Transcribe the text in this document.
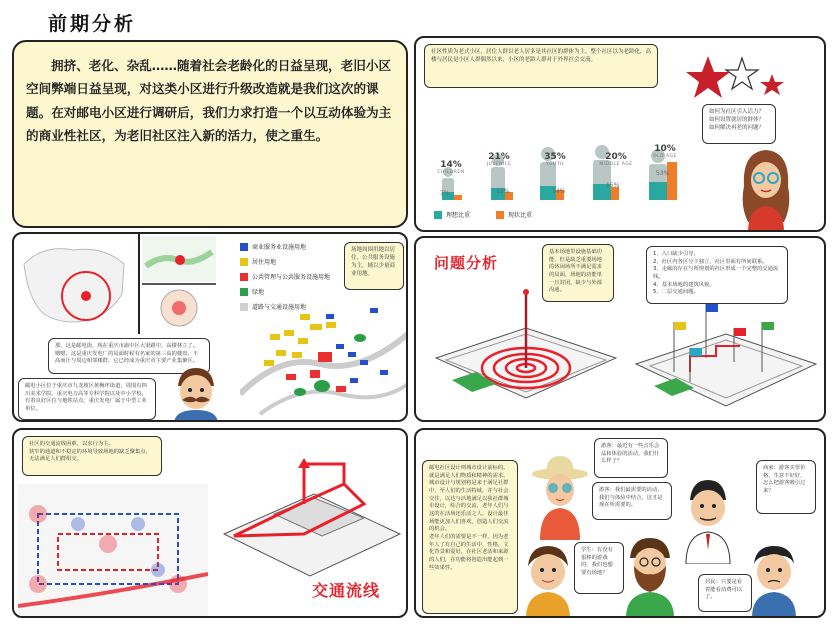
前期分析
拥挤、老化、杂乱……随着社会老龄化的日益呈现，老旧小区空间弊端日益呈现，对这类小区进行升级改造就是我们这次的课题。在对邮电小区进行调研后，我们力求打造一个以互动体验为主的商业性社区，为老旧社区注入新的活力，使之重生。
社区性质为老式小区，居住人群以老人居多是其社区的群体为主，整个社区以为老龄化，高楼与居民是小区人群偶然以来，小区的老龄人群对于外界社会交流。
14%
CHILDREN
21%
JUVENILE
35%
YOUTH
20%
MIDDLE AGE
10%
OLD AGE
7%	12%	14%
15%
53%
理想比重	现状比重
如何为社区引入活力？
如何设置就居的群体？
如何解决再老的问题？
商业服务业设施用地
居住用地
公共管理与公共服务设施用地
绿地
道路与交通设施用地
场地周围用地以居住、公共服务设施为主，辅以少量商业用地。
那，这是邮电街，现在重庆市渝中区大渠路中，高楼林立了。嗯嗯，这是重庆发电厂的局面时候有名家的第三高的楼盘，不高而让与周边相邻楼群，它已经成为重庆市主要产业集聚区。
邮电小区位于重庆市九龙坡区黄桷坪街道，周围有四川美术学院、重庆电力高等专科学院以及中小学校，有着良好区位与地铁站点，重庆发电厂属于中型工业单位。
问题分析
基本场地里设施基础功能、但是缺乏重要场地的休闲场所不满足需求的局面，场地的功能单一且封闭，缺少与外部沟通。
1、入口缺少引导。
2、社区内各区分下独立，社区里面有所间联系。
3、走廊的存在与所规划的社区形成一个完整的交通流线。
4、基本场地的建筑风貌。
5、二层交通间题。
社区的交通流线困难，以求行为主。
狭窄的通道和不稳定的环境导致场地的缺乏聚集点，无法满足人们群组交。
交通流线
邮电社区设计则城市设计前标的。就是满足人们物质和精神的需求。
城市设计与规划将是来于满足社群中，至人们的生活特域，并与社会交往，以达与活地满足以我社群城市设计，综合的交流，老年人们与这的在活场还乐活之人，设计最佳场能更加人们喜欢，创造人们交流的机会。
老年人们的需要是不一样，因为老年人了有自己的生活中，性格，文化背景和爱好，在社区老活和来源的人们，在功能将创造出能起到一些效果性。
游客：最近有一些音乐会品和体验的活动，我们什么样子？
游客：我们最需要的活动，我们与体验中结合，这才是现在所需要的。
学生：有没有很棒的游戏的，我们也想要有场地？
居民：只要是看着能看消费可以了。
商家：游客买票价格，生意不好好，怎么把游客吸引过来？
